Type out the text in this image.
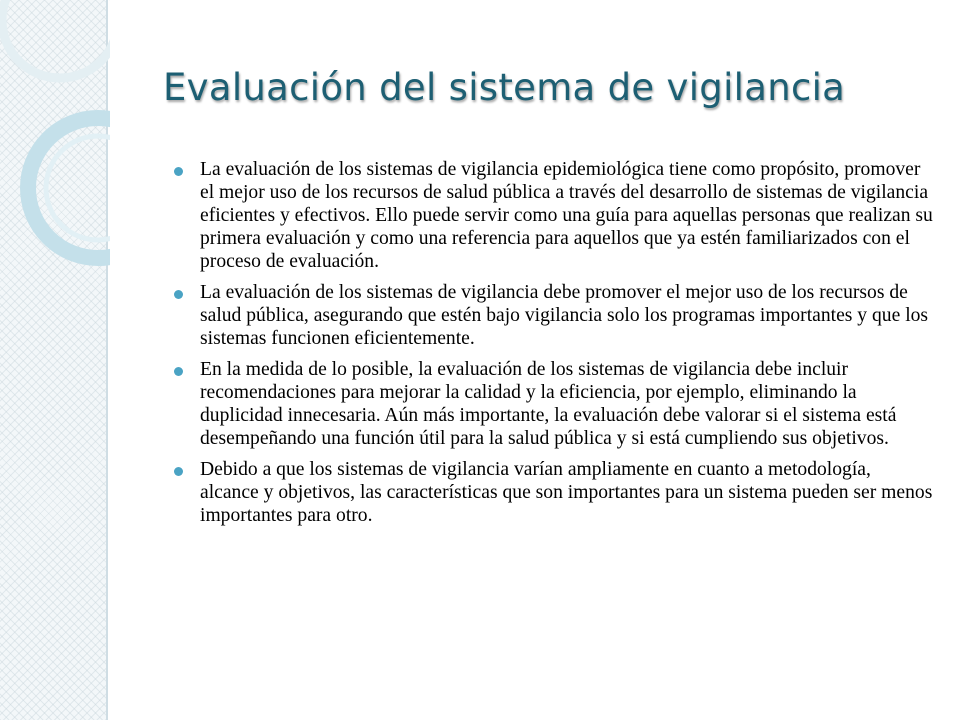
Evaluación del sistema de vigilancia
La evaluación de los sistemas de vigilancia epidemiológica tiene como propósito, promover el mejor uso de los recursos de salud pública a través del desarrollo de sistemas de vigilancia eficientes y efectivos. Ello puede servir como una guía para aquellas personas que realizan su primera evaluación y como una referencia para aquellos que ya estén familiarizados con el proceso de evaluación.
La evaluación de los sistemas de vigilancia debe promover el mejor uso de los recursos de salud pública, asegurando que estén bajo vigilancia solo los programas importantes y que los sistemas funcionen eficientemente.
En la medida de lo posible, la evaluación de los sistemas de vigilancia debe incluir recomendaciones para mejorar la calidad y la eficiencia, por ejemplo, eliminando la duplicidad innecesaria. Aún más importante, la evaluación debe valorar si el sistema está desempeñando una función útil para la salud pública y si está cumpliendo sus objetivos.
Debido a que los sistemas de vigilancia varían ampliamente en cuanto a metodología, alcance y objetivos, las características que son importantes para un sistema pueden ser menos importantes para otro.
